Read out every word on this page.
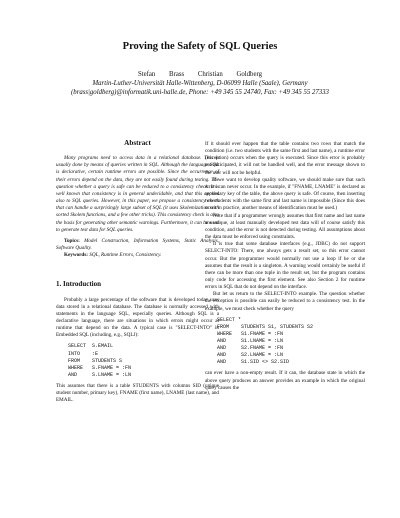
Proving the Safety of SQL Queries
Stefan Brass Christian Goldberg
Martin-Luther-Universität Halle-Wittenberg, D-06099 Halle (Saale), Germany
(brass|goldberg)@informatik.uni-halle.de, Phone: +49 345 55 24740, Fax: +49 345 55 27333
Abstract

Many programs need to access data in a relational database. This is usually done by means of queries written in SQL. Although the language SQL is declarative, certain runtime errors are possible. Since the occurrence of their errors depend on the data, they are not easily found during testing. The question whether a query is safe can be reduced to a consistency check. It is well known that consistency is in general undecidable, and that this applies also to SQL queries. However, in this paper, we propose a consistency check that can handle a surprisingly large subset of SQL (it uses Skolemization with sorted Skolem functions, and a few other tricks). This consistency check is also the basis for generating other semantic warnings. Furthermore, it can be used to generate test data for SQL queries.

Topics: Model Construction, Information Systems, Static Analysis, Software Quality.

Keywords: SQL, Runtime Errors, Consistency.

1. Introduction

Probably a large percentage of the software that is developed today uses data stored in a relational database. The database is normally accessed with statements in the language SQL, especially queries. Although SQL is a declarative language, there are situations in which errors might occur at runtime that depend on the data. A typical case is "SELECT-INTO" in Embedded SQL (including, e.g., SQLJ):

SELECT  S.EMAIL
INTO    :E
FROM    STUDENTS S
WHERE   S.FNAME = :FN
AND     S.LNAME = :LN

This assumes that there is a table STUDENTS with columns SID (unique student number, primary key), FNAME (first name), LNAME (last name), and EMAIL.

If it should ever happen that the table contains two rows that match the condition (i.e. two students with the same first and last name), a runtime error (exception) occurs when the query is executed. Since this error is probably not anticipated, it will not be handled well, and the error message shown to the user will not be helpful.

If we want to develop quality software, we should make sure that such errors can never occur. In the example, if "FNAME, LNAME" is declared as secondary key of the table, the above query is safe. Of course, then inserting two students with the same first and last name is impossible (Since this does occur in practice, another means of identification must be used.)

Note that if a programmer wrongly assumes that first name and last name are unique, at least manually developed test data will of course satisfy this condition, and the error is not detected during testing. All assumptions about the data must be enforced using constraints.

It is true that some database interfaces (e.g., JDBC) do not support SELECT-INTO: There, one always gets a result set, so this error cannot occur. But the programmer would normally not use a loop if he or she assumes that the result is a singleton. A warning would certainly be useful if there can be more than one tuple in the result set, but the program contains only code for accessing the first element. See also Section 2 for runtime errors in SQL that do not depend on the interface.

But let us return to the SELECT-INTO example. The question whether the exception is possible can easily be reduced to a consistency test. In the example, we must check whether the query

SELECT *
FROM    STUDENTS S1, STUDENTS S2
WHERE   S1.FNAME = :FN
AND     S1.LNAME = :LN
AND     S2.FNAME = :FN
AND     S2.LNAME = :LN
AND     S1.SID <> S2.SID

can ever have a non-empty result. If it can, the database state in which the above query produces an answer provides an example in which the original query causes the
